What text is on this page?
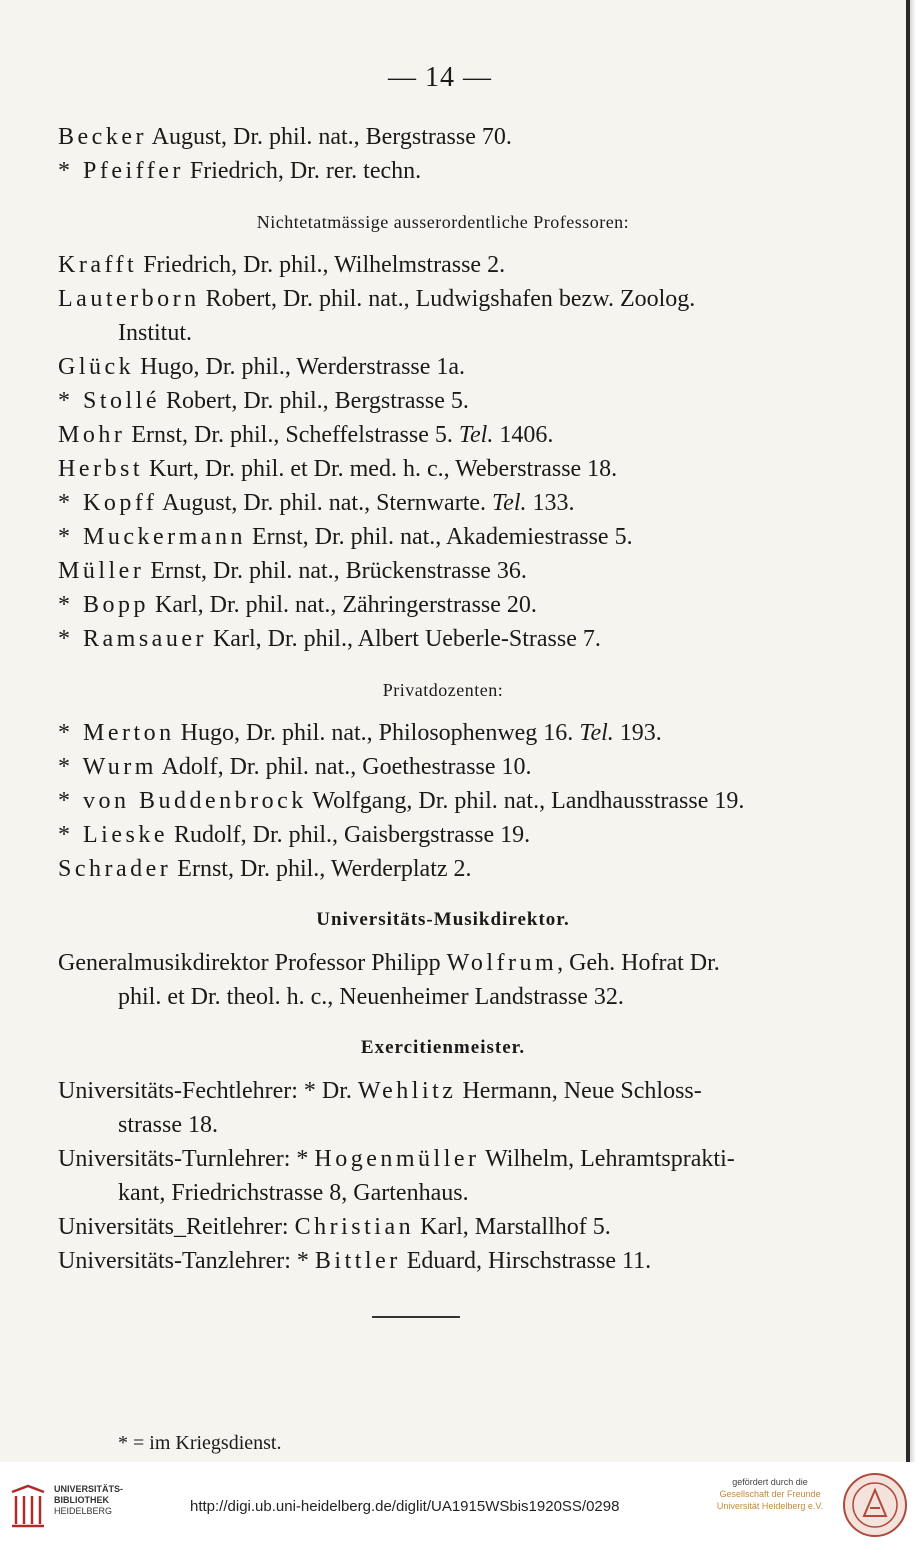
— 14 —

Becker August, Dr. phil. nat., Bergstrasse 70.

* Pfeiffer Friedrich, Dr. rer. techn.

Nichtetatmässige ausserordentliche Professoren:

Krafft Friedrich, Dr. phil., Wilhelmstrasse 2.

Lauterborn Robert, Dr. phil. nat., Ludwigshafen bezw. Zoolog.

Institut.

Glück Hugo, Dr. phil., Werderstrasse 1a.

* Stollé Robert, Dr. phil., Bergstrasse 5.

Mohr Ernst, Dr. phil., Scheffelstrasse 5. Tel. 1406.

Herbst Kurt, Dr. phil. et Dr. med. h. c., Weberstrasse 18.

* Kopff August, Dr. phil. nat., Sternwarte. Tel. 133.

* Muckermann Ernst, Dr. phil. nat., Akademiestrasse 5.

Müller Ernst, Dr. phil. nat., Brückenstrasse 36.

* Bopp Karl, Dr. phil. nat., Zähringerstrasse 20.

* Ramsauer Karl, Dr. phil., Albert Ueberle-Strasse 7.

Privatdozenten:

* Merton Hugo, Dr. phil. nat., Philosophenweg 16. Tel. 193.

* Wurm Adolf, Dr. phil. nat., Goethestrasse 10.

* von Buddenbrock Wolfgang, Dr. phil. nat., Landhausstrasse 19.

* Lieske Rudolf, Dr. phil., Gaisbergstrasse 19.

Schrader Ernst, Dr. phil., Werderplatz 2.

Universitäts-Musikdirektor.

Generalmusikdirektor Professor Philipp Wolfrum, Geh. Hofrat Dr.

phil. et Dr. theol. h. c., Neuenheimer Landstrasse 32.

Exercitienmeister.

Universitäts-Fechtlehrer: * Dr. Wehlitz Hermann, Neue Schloss-

strasse 18.

Universitäts-Turnlehrer: * Hogenmüller Wilhelm, Lehramtsprakti-

kant, Friedrichstrasse 8, Gartenhaus.

Universitäts_Reitlehrer: Christian Karl, Marstallhof 5.

Universitäts-Tanzlehrer: * Bittler Eduard, Hirschstrasse 11.

* = im Kriegsdienst.
UNIVERSITÄTS-
BIBLIOTHEK
HEIDELBERG	http://digi.ub.uni-heidelberg.de/diglit/UA1915WSbis1920SS/0298
gefördert durch die
Gesellschaft der Freunde
Universität Heidelberg e.V.
